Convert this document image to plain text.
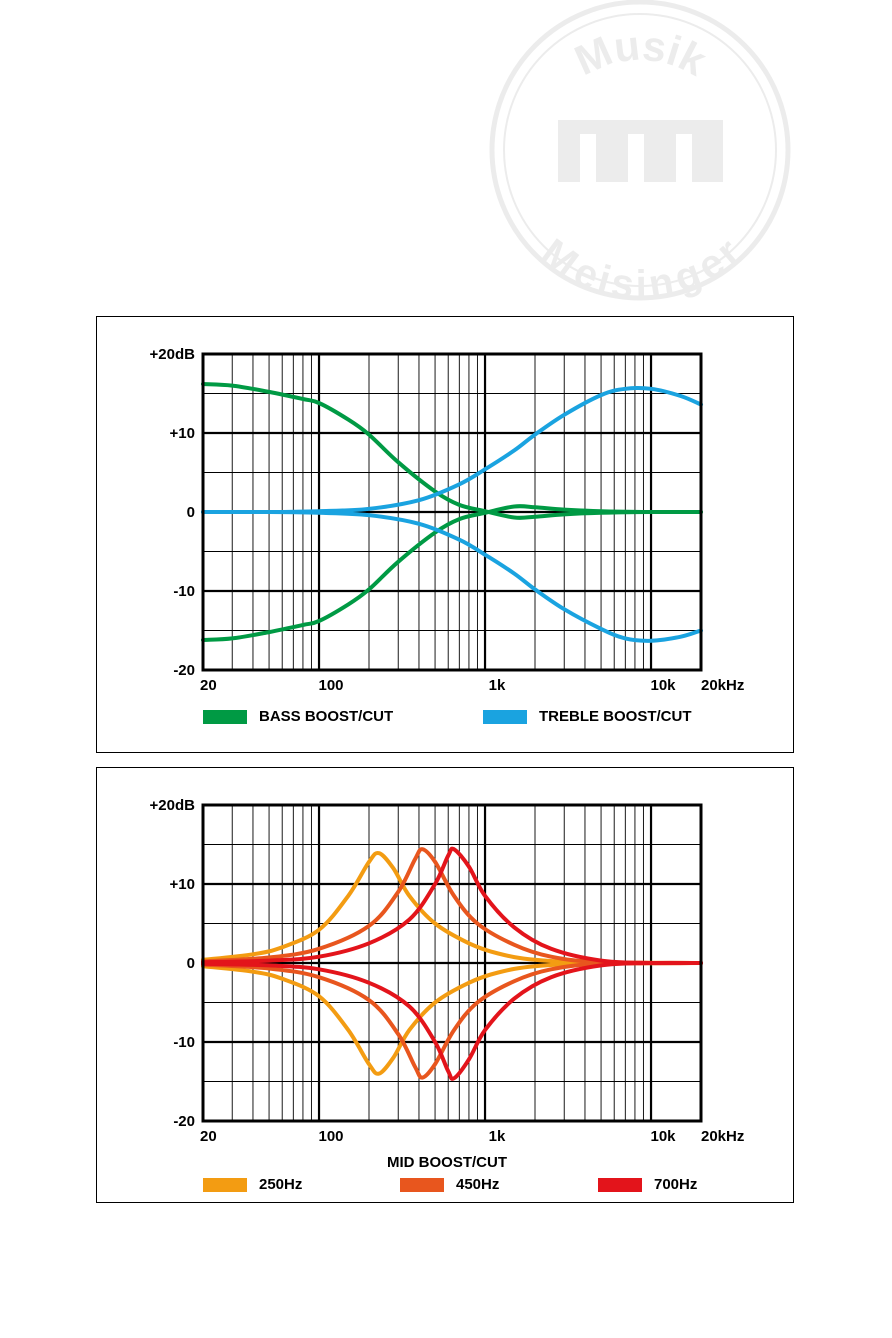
Musik
Meisinger
+20dB
+10
0
-10
-20
20	100	1k	10k 20kHz
BASS BOOST/CUT	TREBLE BOOST/CUT
+20dB
+10
0
-10
-20
20	100	1k	10k 20kHz
MID BOOST/CUT
250Hz	450Hz	700Hz
